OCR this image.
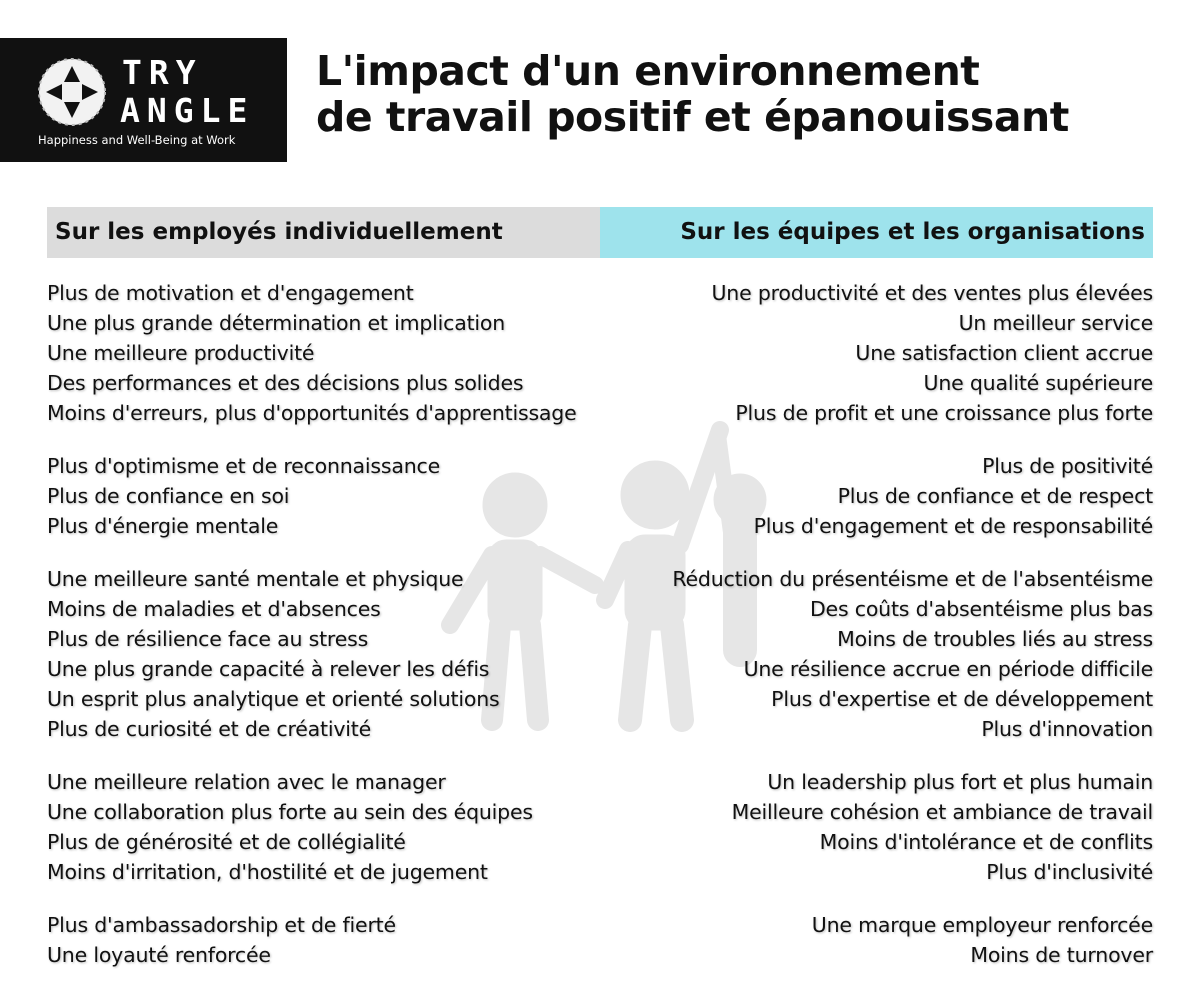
TRY
ANGLE
Happiness and Well-Being at Work
L'impact d'un environnement
de travail positif et épanouissant
Sur les employés individuellement	Sur les équipes et les organisations
Plus de motivation et d'engagement
Une plus grande détermination et implication
Une meilleure productivité
Des performances et des décisions plus solides
Moins d'erreurs, plus d'opportunités d'apprentissage
Plus d'optimisme et de reconnaissance
Plus de confiance en soi
Plus d'énergie mentale
Une meilleure santé mentale et physique
Moins de maladies et d'absences
Plus de résilience face au stress
Une plus grande capacité à relever les défis
Un esprit plus analytique et orienté solutions
Plus de curiosité et de créativité
Une meilleure relation avec le manager
Une collaboration plus forte au sein des équipes
Plus de générosité et de collégialité
Moins d'irritation, d'hostilité et de jugement
Plus d'ambassadorship et de fierté
Une loyauté renforcée
Une productivité et des ventes plus élevées
Un meilleur service
Une satisfaction client accrue
Une qualité supérieure
Plus de profit et une croissance plus forte
Plus de positivité
Plus de confiance et de respect
Plus d'engagement et de responsabilité
Réduction du présentéisme et de l'absentéisme
Des coûts d'absentéisme plus bas
Moins de troubles liés au stress
Une résilience accrue en période difficile
Plus d'expertise et de développement
Plus d'innovation
Un leadership plus fort et plus humain
Meilleure cohésion et ambiance de travail
Moins d'intolérance et de conflits
Plus d'inclusivité
Une marque employeur renforcée
Moins de turnover
